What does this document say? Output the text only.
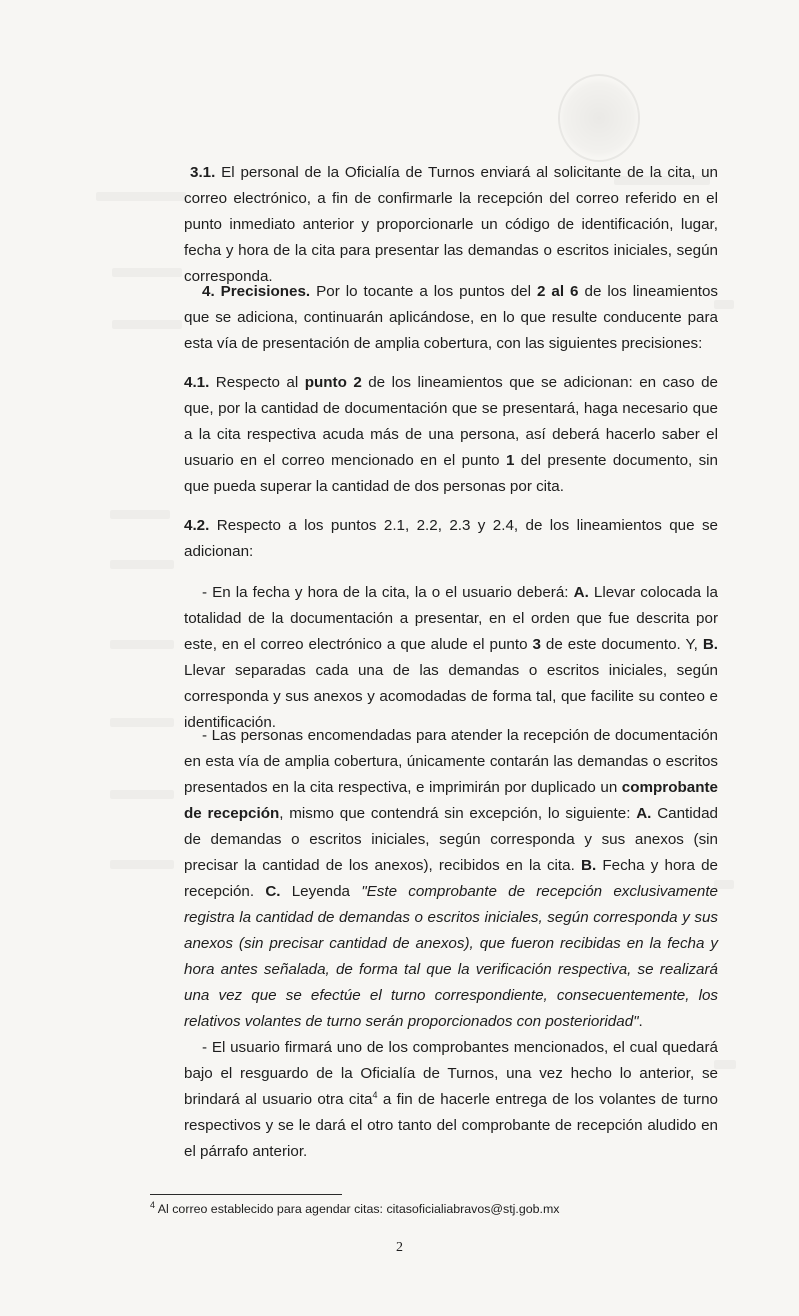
3.1. El personal de la Oficialía de Turnos enviará al solicitante de la cita, un correo electrónico, a fin de confirmarle la recepción del correo referido en el punto inmediato anterior y proporcionarle un código de identificación, lugar, fecha y hora de la cita para presentar las demandas o escritos iniciales, según corresponda.

4. Precisiones. Por lo tocante a los puntos del 2 al 6 de los lineamientos que se adiciona, continuarán aplicándose, en lo que resulte conducente para esta vía de presentación de amplia cobertura, con las siguientes precisiones:

4.1. Respecto al punto 2 de los lineamientos que se adicionan: en caso de que, por la cantidad de documentación que se presentará, haga necesario que a la cita respectiva acuda más de una persona, así deberá hacerlo saber el usuario en el correo mencionado en el punto 1 del presente documento, sin que pueda superar la cantidad de dos personas por cita.

4.2. Respecto a los puntos 2.1, 2.2, 2.3 y 2.4, de los lineamientos que se adicionan:

- En la fecha y hora de la cita, la o el usuario deberá: A. Llevar colocada la totalidad de la documentación a presentar, en el orden que fue descrita por este, en el correo electrónico a que alude el punto 3 de este documento. Y, B. Llevar separadas cada una de las demandas o escritos iniciales, según corresponda y sus anexos y acomodadas de forma tal, que facilite su conteo e identificación.

- Las personas encomendadas para atender la recepción de documentación en esta vía de amplia cobertura, únicamente contarán las demandas o escritos presentados en la cita respectiva, e imprimirán por duplicado un comprobante de recepción, mismo que contendrá sin excepción, lo siguiente: A. Cantidad de demandas o escritos iniciales, según corresponda y sus anexos (sin precisar la cantidad de los anexos), recibidos en la cita. B. Fecha y hora de recepción. C. Leyenda "Este comprobante de recepción exclusivamente registra la cantidad de demandas o escritos iniciales, según corresponda y sus anexos (sin precisar cantidad de anexos), que fueron recibidas en la fecha y hora antes señalada, de forma tal que la verificación respectiva, se realizará una vez que se efectúe el turno correspondiente, consecuentemente, los relativos volantes de turno serán proporcionados con posterioridad".

- El usuario firmará uno de los comprobantes mencionados, el cual quedará bajo el resguardo de la Oficialía de Turnos, una vez hecho lo anterior, se brindará al usuario otra cita$^4$ a fin de hacerle entrega de los volantes de turno respectivos y se le dará el otro tanto del comprobante de recepción aludido en el párrafo anterior.

$^4$ Al correo establecido para agendar citas: citasoficialiabravos@stj.gob.mx
2
